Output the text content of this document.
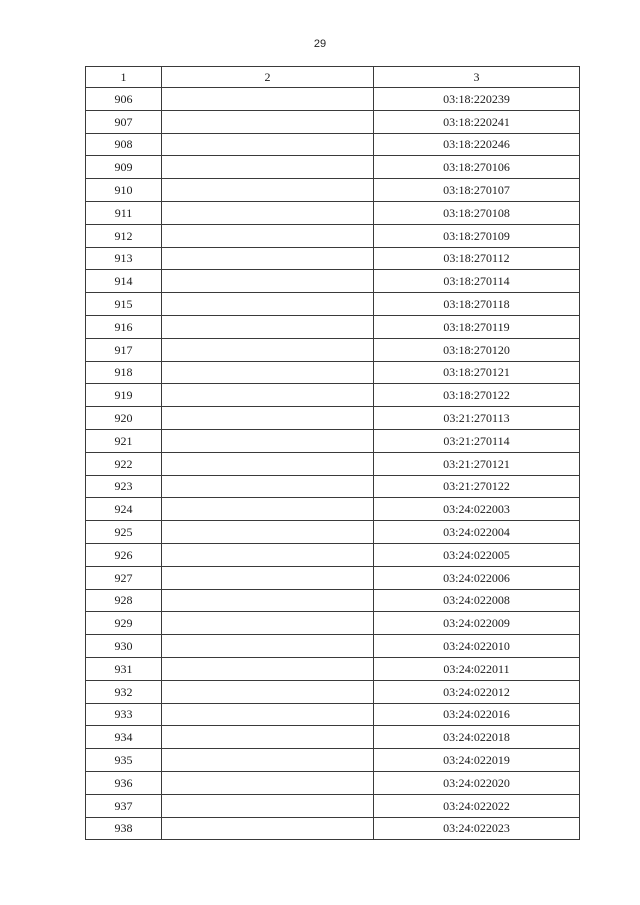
29
1	2	3
906		03:18:220239
907		03:18:220241
908		03:18:220246
909		03:18:270106
910		03:18:270107
911		03:18:270108
912		03:18:270109
913		03:18:270112
914		03:18:270114
915		03:18:270118
916		03:18:270119
917		03:18:270120
918		03:18:270121
919		03:18:270122
920		03:21:270113
921		03:21:270114
922		03:21:270121
923		03:21:270122
924		03:24:022003
925		03:24:022004
926		03:24:022005
927		03:24:022006
928		03:24:022008
929		03:24:022009
930		03:24:022010
931		03:24:022011
932		03:24:022012
933		03:24:022016
934		03:24:022018
935		03:24:022019
936		03:24:022020
937		03:24:022022
938		03:24:022023
